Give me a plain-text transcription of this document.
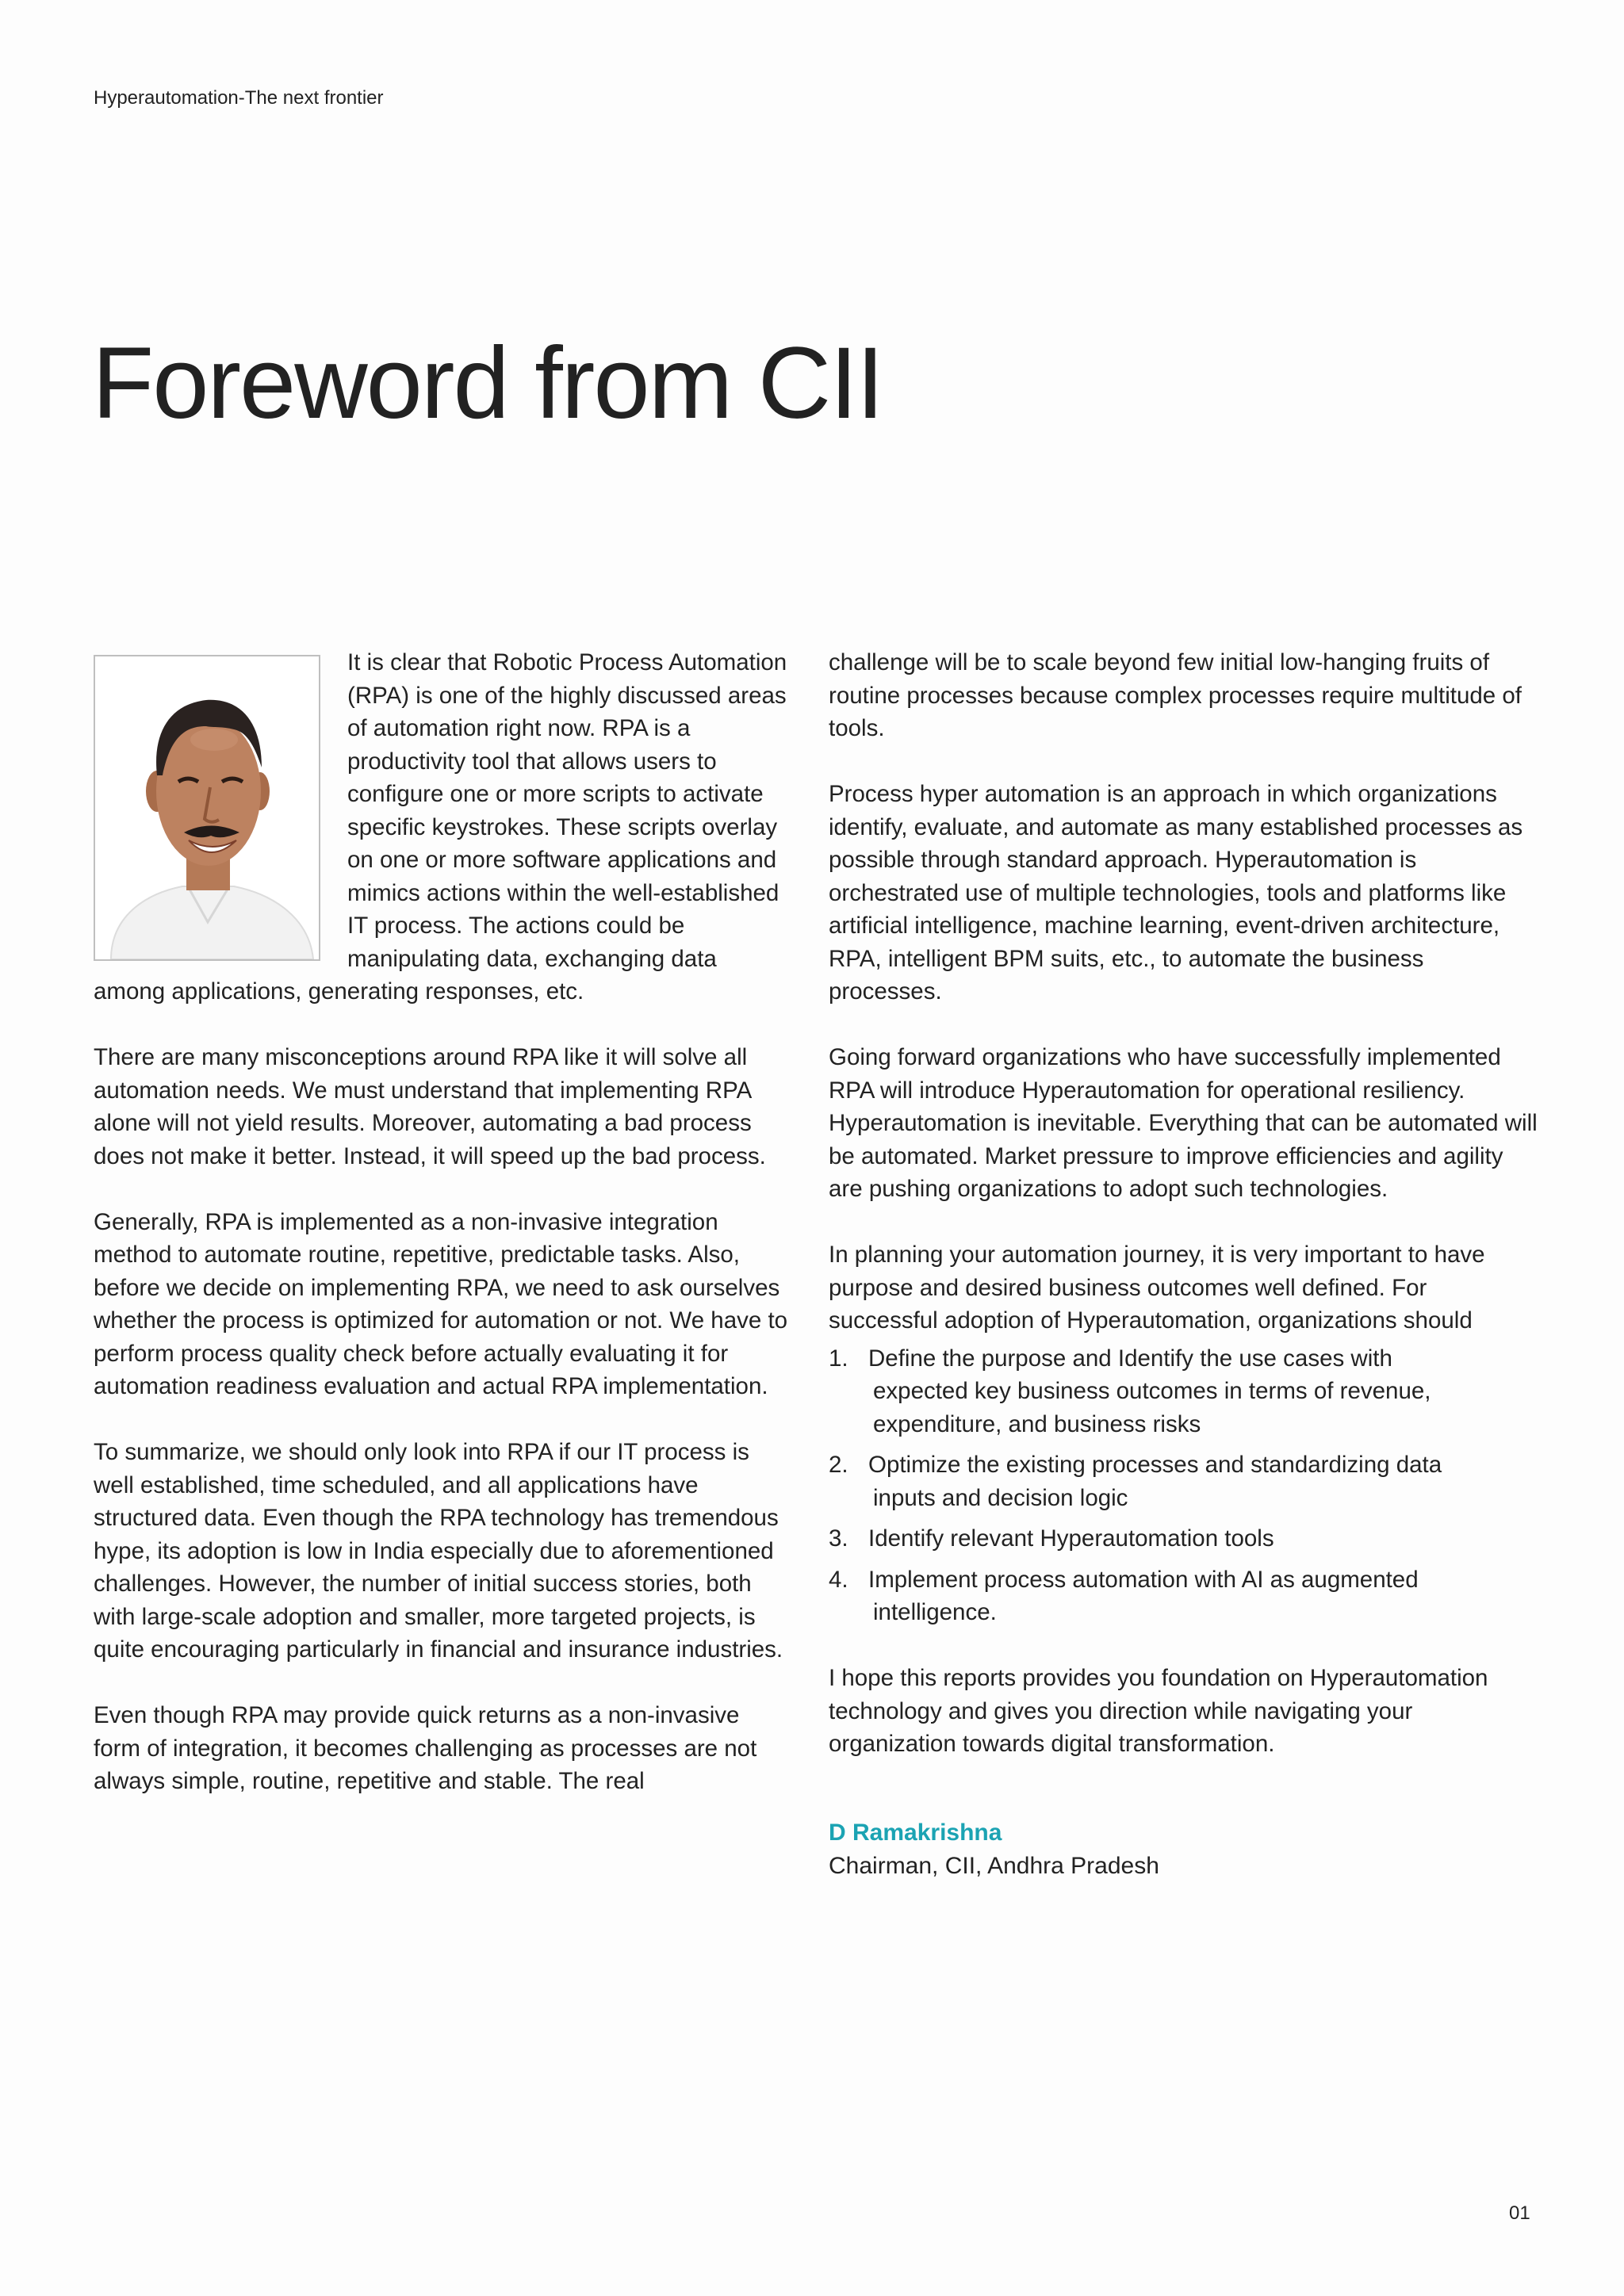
Hyperautomation-The next frontier
Foreword from CII

It is clear that Robotic Process Automation (RPA) is one of the highly discussed areas of automation right now. RPA is a productivity tool that allows users to configure one or more scripts to activate specific keystrokes. These scripts overlay on one or more software applications and mimics actions within the well-established IT process. The actions could be manipulating data, exchanging data among applications, generating responses, etc.

There are many misconceptions around RPA like it will solve all automation needs. We must understand that implementing RPA alone will not yield results. Moreover, automating a bad process does not make it better. Instead, it will speed up the bad process.

Generally, RPA is implemented as a non-invasive integration method to automate routine, repetitive, predictable tasks. Also, before we decide on implementing RPA, we need to ask ourselves whether the process is optimized for automation or not. We have to perform process quality check before actually evaluating it for automation readiness evaluation and actual RPA implementation.

To summarize, we should only look into RPA if our IT process is well established, time scheduled, and all applications have structured data. Even though the RPA technology has tremendous hype, its adoption is low in India especially due to aforementioned challenges. However, the number of initial success stories, both with large-scale adoption and smaller, more targeted projects, is quite encouraging particularly in financial and insurance industries.

Even though RPA may provide quick returns as a non-invasive form of integration, it becomes challenging as processes are not always simple, routine, repetitive and stable. The real

challenge will be to scale beyond few initial low-hanging fruits of routine processes because complex processes require multitude of tools.

Process hyper automation is an approach in which organizations identify, evaluate, and automate as many established processes as possible through standard approach. Hyperautomation is orchestrated use of multiple technologies, tools and platforms like artificial intelligence, machine learning, event-driven architecture, RPA, intelligent BPM suits, etc., to automate the business processes.

Going forward organizations who have successfully implemented RPA will introduce Hyperautomation for operational resiliency. Hyperautomation is inevitable. Everything that can be automated will be automated. Market pressure to improve efficiencies and agility are pushing organizations to adopt such technologies.

In planning your automation journey, it is very important to have purpose and desired business outcomes well defined. For successful adoption of Hyperautomation, organizations should

1. Define the purpose and Identify the use cases with
expected key business outcomes in terms of revenue, expenditure, and business risks
2. Optimize the existing processes and standardizing data
inputs and decision logic
3. Identify relevant Hyperautomation tools
4. Implement process automation with AI as augmented
intelligence.

I hope this reports provides you foundation on Hyperautomation technology and gives you direction while navigating your organization towards digital transformation.

D Ramakrishna
Chairman, CII, Andhra Pradesh
01
